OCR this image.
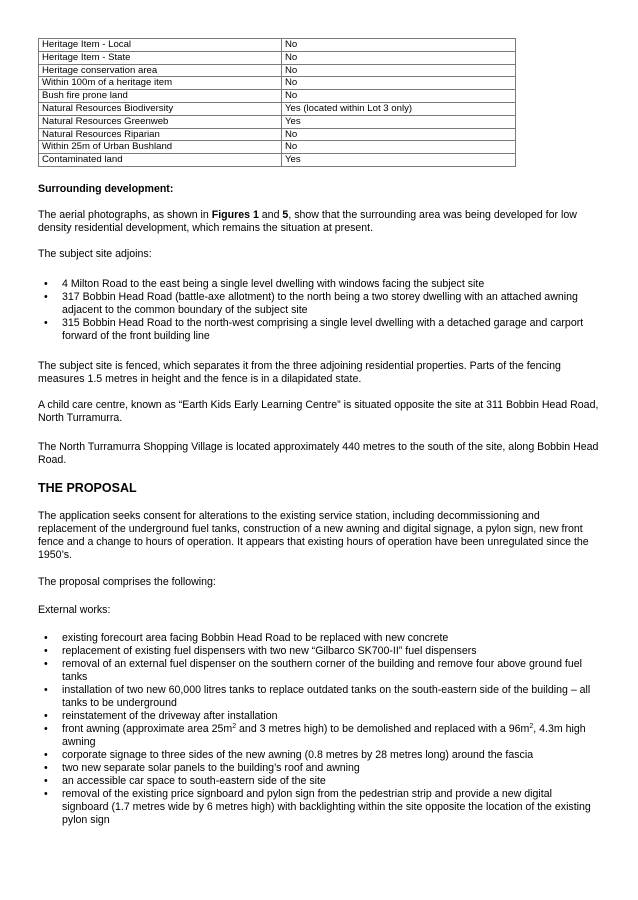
Heritage Item - Local	No
Heritage Item - State	No
Heritage conservation area	No
Within 100m of a heritage item	No
Bush fire prone land	No
Natural Resources Biodiversity	Yes (located within Lot 3 only)
Natural Resources Greenweb	Yes
Natural Resources Riparian	No
Within 25m of Urban Bushland	No
Contaminated land	Yes
Surrounding development:

The aerial photographs, as shown in Figures 1 and 5, show that the surrounding area was being developed for low density residential development, which remains the situation at present.

The subject site adjoins:

• 4 Milton Road to the east being a single level dwelling with windows facing the subject site
• 317 Bobbin Head Road (battle-axe allotment) to the north being a two storey dwelling with an attached awning adjacent to the common boundary of the subject site
• 315 Bobbin Head Road to the north-west comprising a single level dwelling with a detached garage and carport forward of the front building line

The subject site is fenced, which separates it from the three adjoining residential properties. Parts of the fencing measures 1.5 metres in height and the fence is in a dilapidated state.

A child care centre, known as “Earth Kids Early Learning Centre” is situated opposite the site at 311 Bobbin Head Road, North Turramurra.

The North Turramurra Shopping Village is located approximately 440 metres to the south of the site, along Bobbin Head Road.

THE PROPOSAL

The application seeks consent for alterations to the existing service station, including decommissioning and replacement of the underground fuel tanks, construction of a new awning and digital signage, a pylon sign, new front fence and a change to hours of operation. It appears that existing hours of operation have been unregulated since the 1950’s.

The proposal comprises the following:

External works:

• existing forecourt area facing Bobbin Head Road to be replaced with new concrete
• replacement of existing fuel dispensers with two new “Gilbarco SK700-II” fuel dispensers
• removal of an external fuel dispenser on the southern corner of the building and remove four above ground fuel tanks
• installation of two new 60,000 litres tanks to replace outdated tanks on the south-eastern side of the building – all tanks to be underground
• reinstatement of the driveway after installation
• front awning (approximate area $25m^2$ and 3 metres high) to be demolished and replaced with a $96m^2$, 4.3m high awning
• corporate signage to three sides of the new awning (0.8 metres by 28 metres long) around the fascia
• two new separate solar panels to the building’s roof and awning
• an accessible car space to south-eastern side of the site
• removal of the existing price signboard and pylon sign from the pedestrian strip and provide a new digital signboard (1.7 metres wide by 6 metres high) with backlighting within the site opposite the location of the existing pylon sign
